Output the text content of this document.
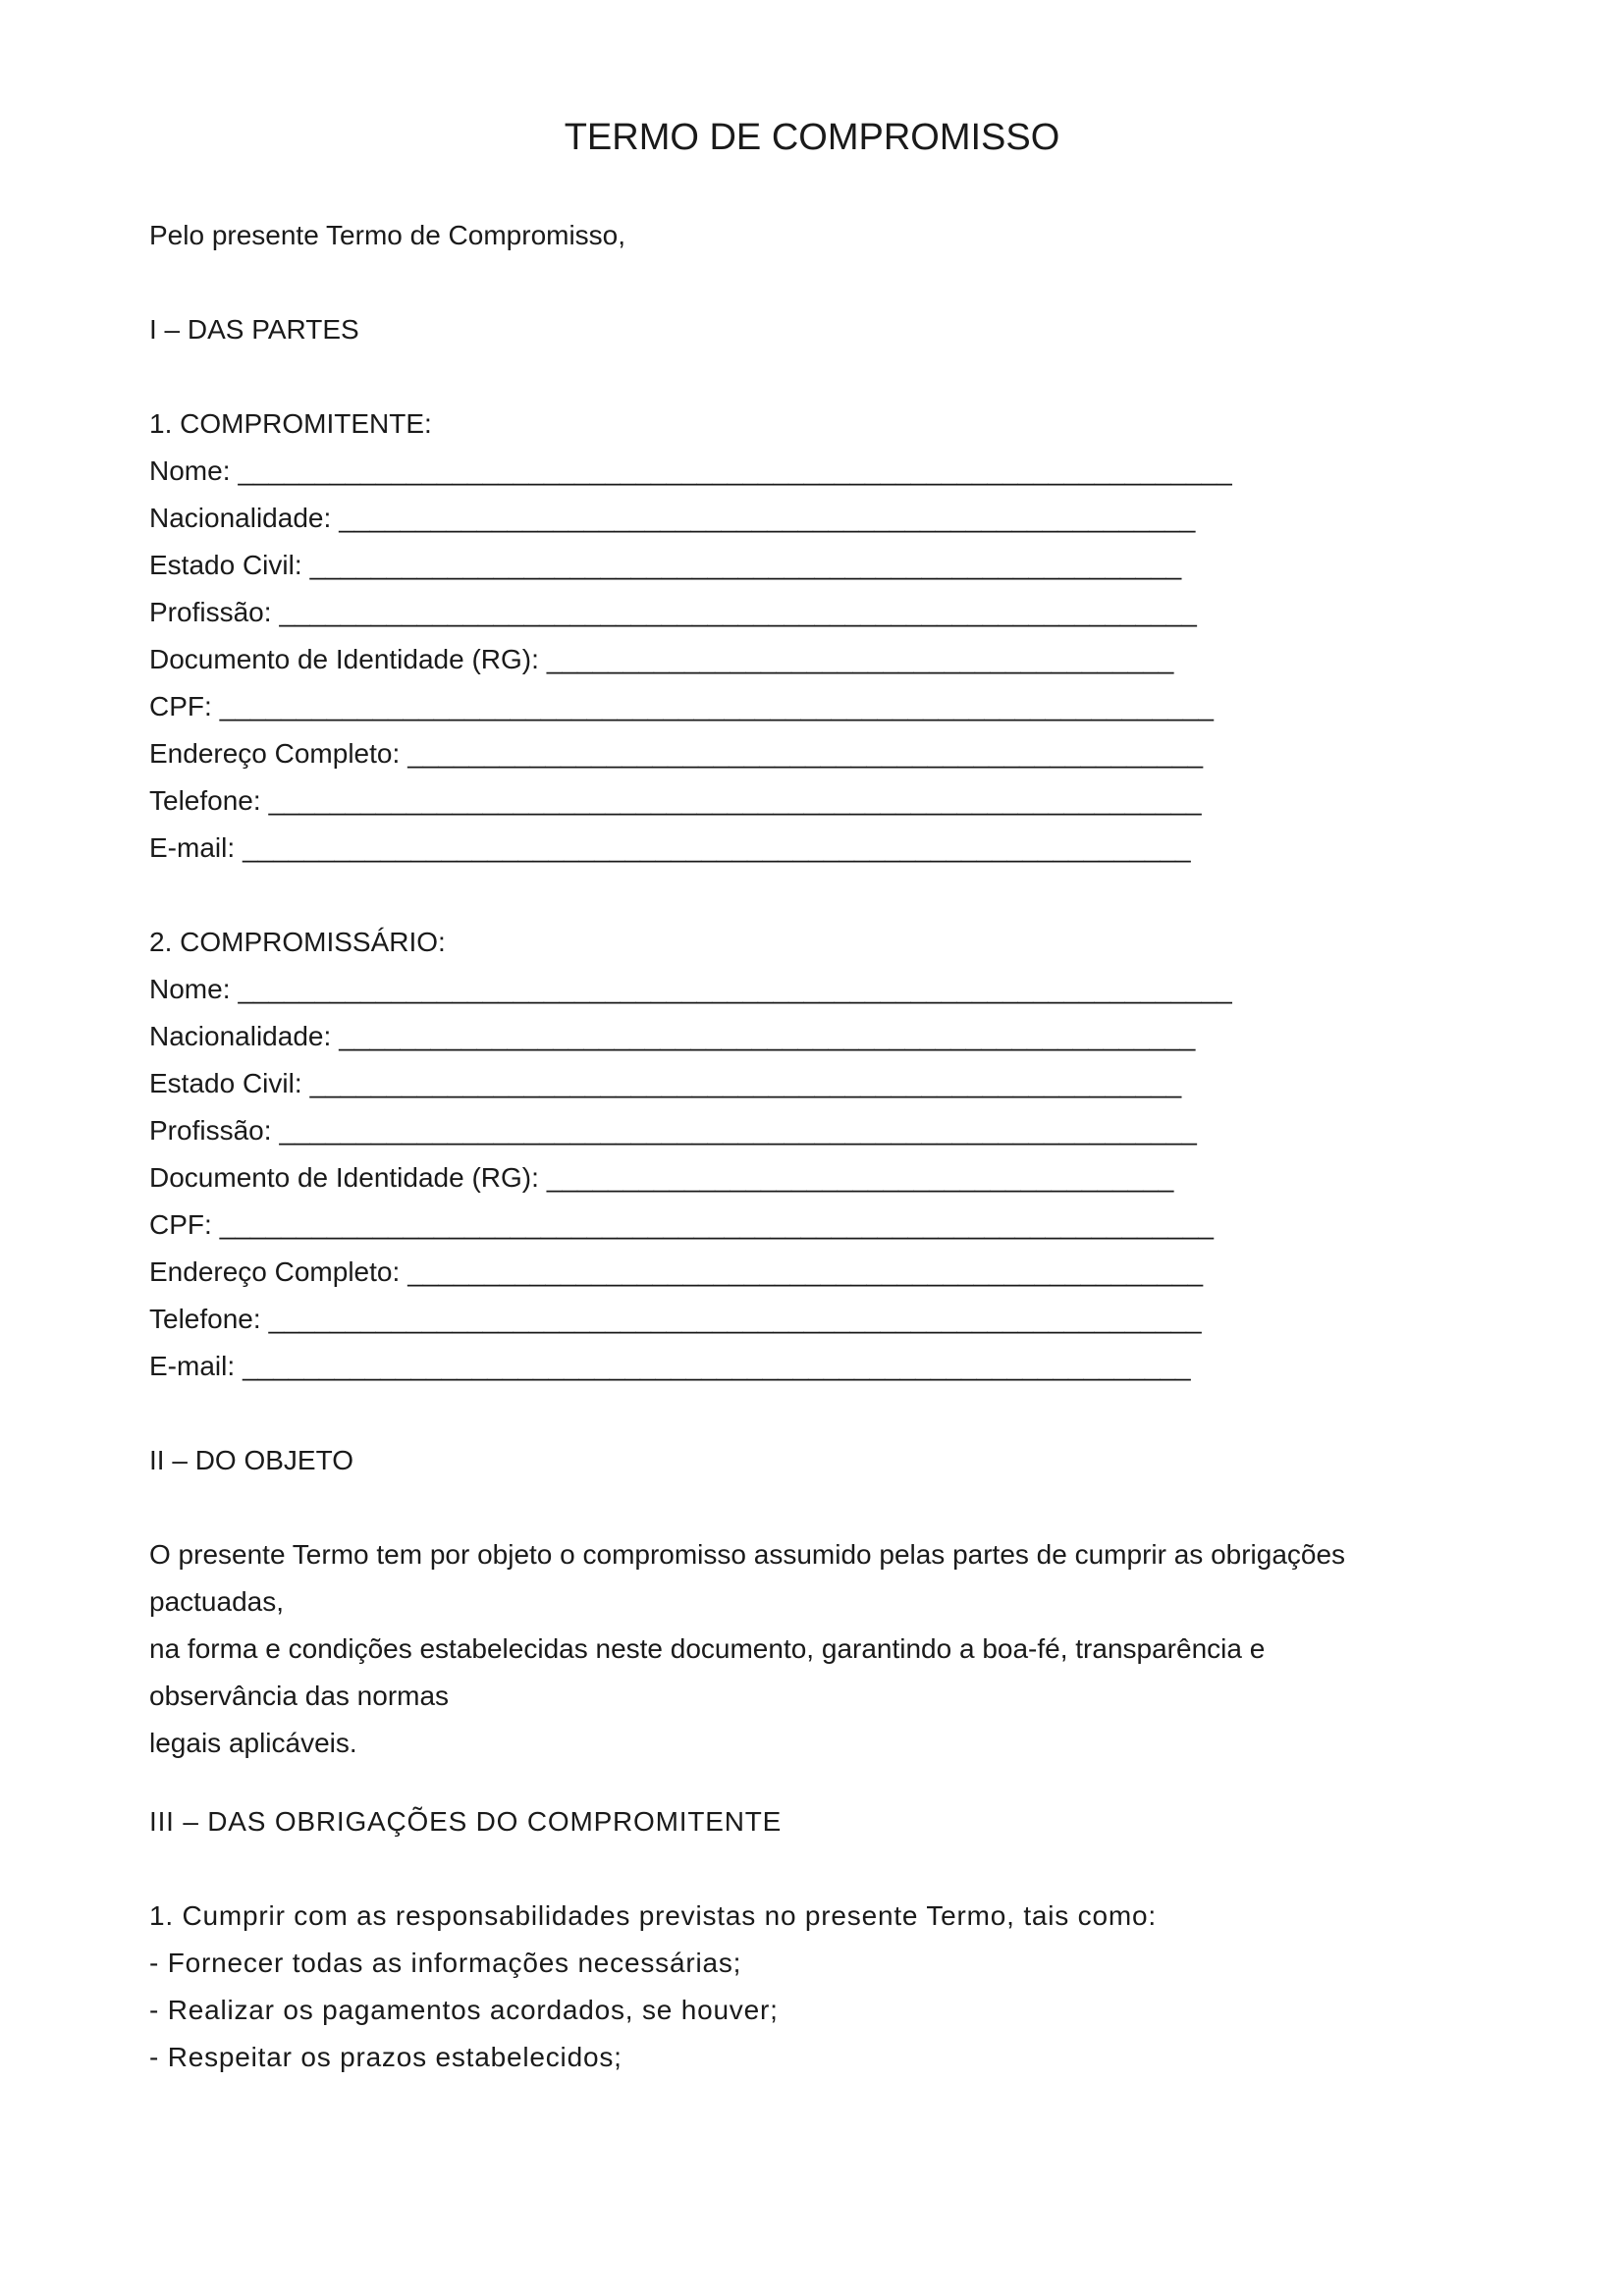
TERMO DE COMPROMISSO
Pelo presente Termo de Compromisso,
I – DAS PARTES
1. COMPROMITENTE:
Nome: _________________________________________________________________
Nacionalidade: ________________________________________________________
Estado Civil: _________________________________________________________
Profissão: ____________________________________________________________
Documento de Identidade (RG): _________________________________________
CPF: _________________________________________________________________
Endereço Completo: ____________________________________________________
Telefone: _____________________________________________________________
E-mail: ______________________________________________________________
2. COMPROMISSÁRIO:
Nome: _________________________________________________________________
Nacionalidade: ________________________________________________________
Estado Civil: _________________________________________________________
Profissão: ____________________________________________________________
Documento de Identidade (RG): _________________________________________
CPF: _________________________________________________________________
Endereço Completo: ____________________________________________________
Telefone: _____________________________________________________________
E-mail: ______________________________________________________________
II – DO OBJETO
O presente Termo tem por objeto o compromisso assumido pelas partes de cumprir as obrigações
pactuadas,
na forma e condições estabelecidas neste documento, garantindo a boa-fé, transparência e
observância das normas
legais aplicáveis.
III – DAS OBRIGAÇÕES DO COMPROMITENTE
1. Cumprir com as responsabilidades previstas no presente Termo, tais como:
- Fornecer todas as informações necessárias;
- Realizar os pagamentos acordados, se houver;
- Respeitar os prazos estabelecidos;
